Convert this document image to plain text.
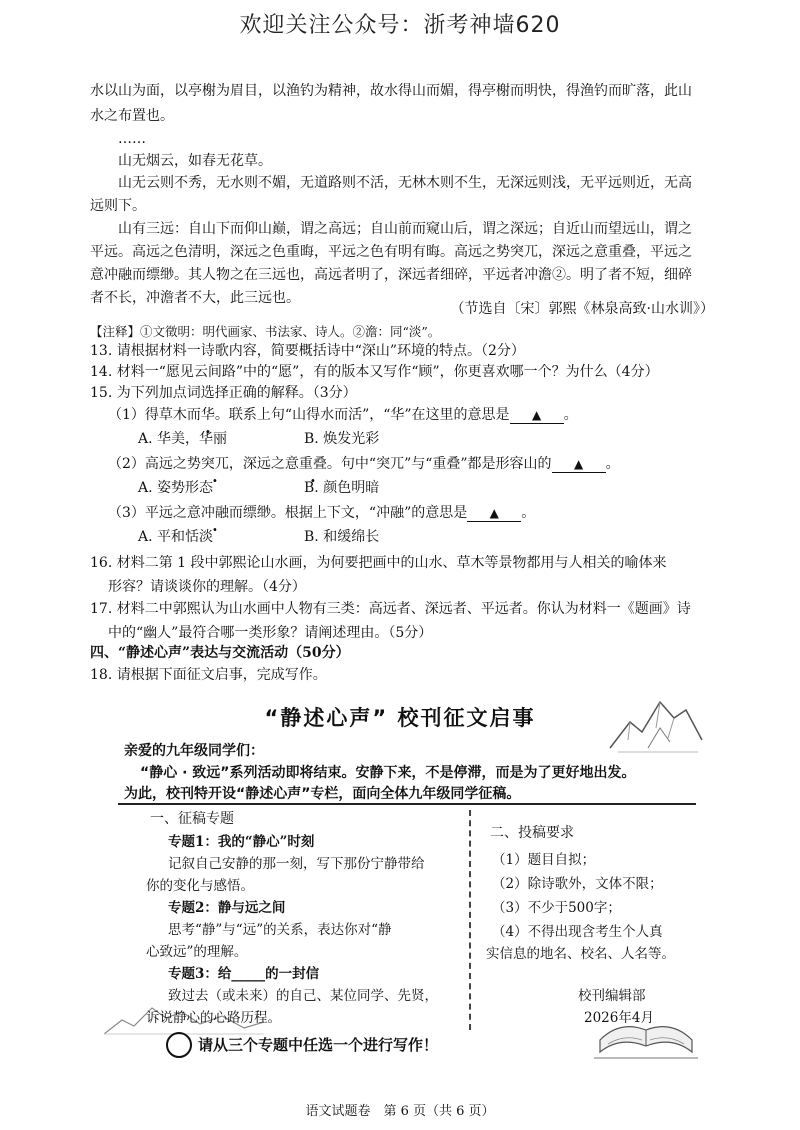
欢迎关注公众号：浙考神墙620
水以山为面，以亭榭为眉目，以渔钓为精神，故水得山而媚，得亭榭而明快，得渔钓而旷落，此山
水之布置也。
……
山无烟云，如春无花草。
山无云则不秀，无水则不媚，无道路则不活，无林木则不生，无深远则浅，无平远则近，无高
远则下。
山有三远：自山下而仰山巅，谓之高远；自山前而窥山后，谓之深远；自近山而望远山，谓之
平远。高远之色清明，深远之色重晦，平远之色有明有晦。高远之势突兀，深远之意重叠，平远之
意冲融而缥缈。其人物之在三远也，高远者明了，深远者细碎，平远者冲澹②。明了者不短，细碎
者不长，冲澹者不大，此三远也。
（节选自〔宋〕郭熙《林泉高致·山水训》）
【注释】①文徵明：明代画家、书法家、诗人。②澹：同“淡”。
13. 请根据材料一诗歌内容，简要概括诗中“深山”环境的特点。（2分）
14. 材料一“愿见云间路”中的“愿”，有的版本又写作“顾”，你更喜欢哪一个？为什么（4分）
15. 为下列加点词选择正确的解释。（3分）
（1）得草木而华。联系上句“山得水而活”，“华”在这里的意思是 ▲ 。
A. 华美，华丽	B. 焕发光彩
（2）高远之势突兀，深远之意重叠。句中“突兀”与“重叠”都是形容山的 ▲ 。
A. 姿势形态	B. 颜色明暗
（3）平远之意冲融而缥缈。根据上下文，“冲融”的意思是 ▲ 。
A. 平和恬淡	B. 和缓绵长
16. 材料二第 1 段中郭熙论山水画，为何要把画中的山水、草木等景物都用与人相关的喻体来
形容？请谈谈你的理解。（4分）
17. 材料二中郭熙认为山水画中人物有三类：高远者、深远者、平远者。你认为材料一《题画》诗
中的“幽人”最符合哪一类形象？请阐述理由。（5分）
四、“静述心声”表达与交流活动（50分）
18. 请根据下面征文启事，完成写作。
“静述心声” 校刊征文启事
亲爱的九年级同学们：
“静心 · 致远”系列活动即将结束。安静下来，不是停滞，而是为了更好地出发。
为此，校刊特开设“静述心声”专栏，面向全体九年级同学征稿。
一、征稿专题
专题1：我的“静心”时刻
记叙自己安静的那一刻，写下那份宁静带给
你的变化与感悟。
专题2：静与远之间
思考“静”与“远”的关系，表达你对“静
心致远”的理解。
专题3：给_____的一封信
致过去（或未来）的自己、某位同学、先贤，
诉说静心的心路历程。
请从三个专题中任选一个进行写作！
二、投稿要求
（1）题目自拟；
（2）除诗歌外，文体不限；
（3）不少于500字；
（4）不得出现含考生个人真
实信息的地名、校名、人名等。
校刊编辑部
2026年4月
语文试题卷　第 6 页（共 6 页）
